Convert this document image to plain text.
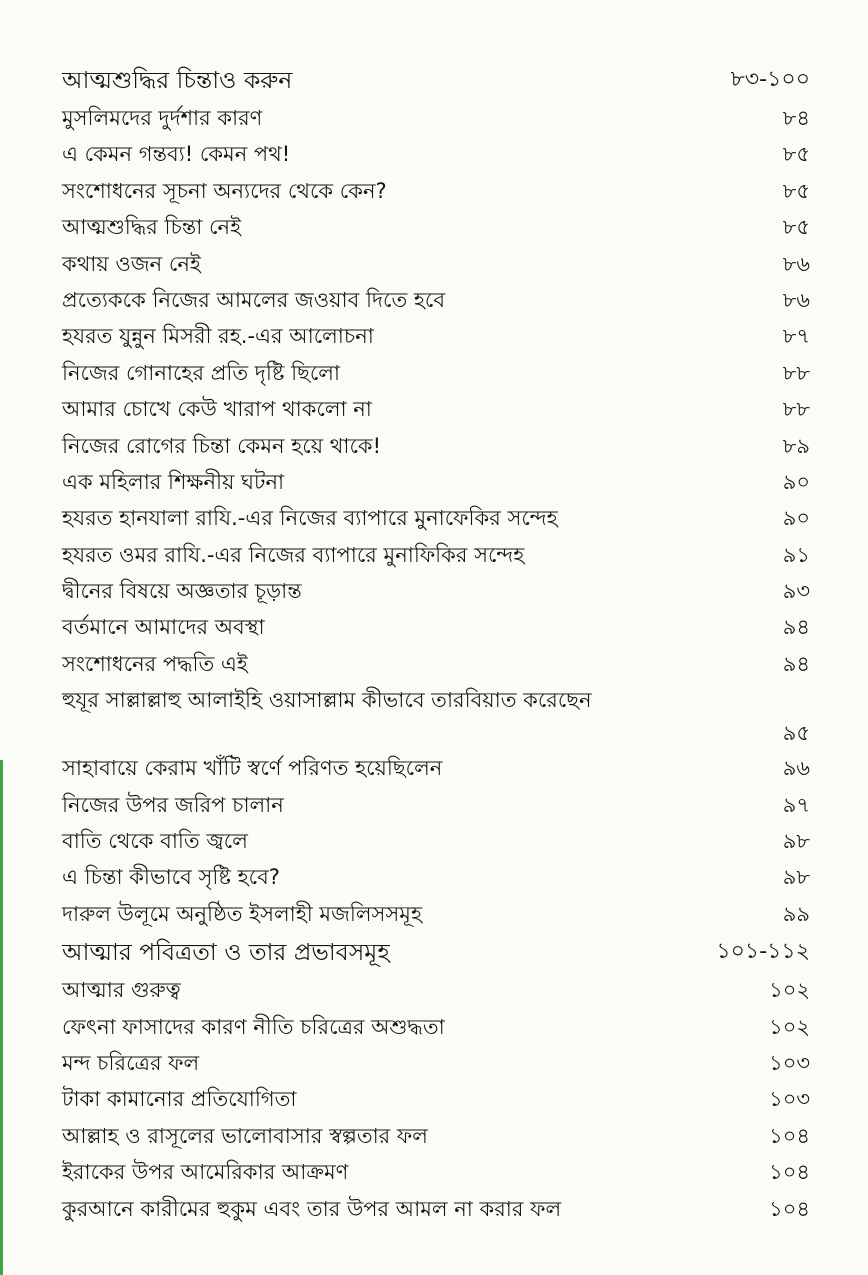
আত্মশুদ্ধির চিন্তাও করুন	৮৩-১০০
মুসলিমদের দুর্দশার কারণ	৮৪
এ কেমন গন্তব্য! কেমন পথ!	৮৫
সংশোধনের সূচনা অন্যদের থেকে কেন?	৮৫
আত্মশুদ্ধির চিন্তা নেই	৮৫
কথায় ওজন নেই	৮৬
প্রত্যেককে নিজের আমলের জওয়াব দিতে হবে	৮৬
হযরত যুন্নুন মিসরী রহ.-এর আলোচনা	৮৭
নিজের গোনাহের প্রতি দৃষ্টি ছিলো	৮৮
আমার চোখে কেউ খারাপ থাকলো না	৮৮
নিজের রোগের চিন্তা কেমন হয়ে থাকে!	৮৯
এক মহিলার শিক্ষনীয় ঘটনা	৯০
হযরত হানযালা রাযি.-এর নিজের ব্যাপারে মুনাফেকির সন্দেহ	৯০
হযরত ওমর রাযি.-এর নিজের ব্যাপারে মুনাফিকির সন্দেহ	৯১
দ্বীনের বিষয়ে অজ্ঞতার চূড়ান্ত	৯৩
বর্তমানে আমাদের অবস্থা	৯৪
সংশোধনের পদ্ধতি এই	৯৪
হুযূর সাল্লাল্লাহু আলাইহি ওয়াসাল্লাম কীভাবে তারবিয়াত করেছেন
৯৫
সাহাবায়ে কেরাম খাঁটি স্বর্ণে পরিণত হয়েছিলেন	৯৬
নিজের উপর জরিপ চালান	৯৭
বাতি থেকে বাতি জ্বলে	৯৮
এ চিন্তা কীভাবে সৃষ্টি হবে?	৯৮
দারুল উলূমে অনুষ্ঠিত ইসলাহী মজলিসসমূহ	৯৯
আত্মার পবিত্রতা ও তার প্রভাবসমূহ	১০১-১১২
আত্মার গুরুত্ব	১০২
ফেৎনা ফাসাদের কারণ নীতি চরিত্রের অশুদ্ধতা	১০২
মন্দ চরিত্রের ফল	১০৩
টাকা কামানোর প্রতিযোগিতা	১০৩
আল্লাহ ও রাসূলের ভালোবাসার স্বল্পতার ফল	১০৪
ইরাকের উপর আমেরিকার আক্রমণ	১০৪
কুরআনে কারীমের হুকুম এবং তার উপর আমল না করার ফল	১০৪
